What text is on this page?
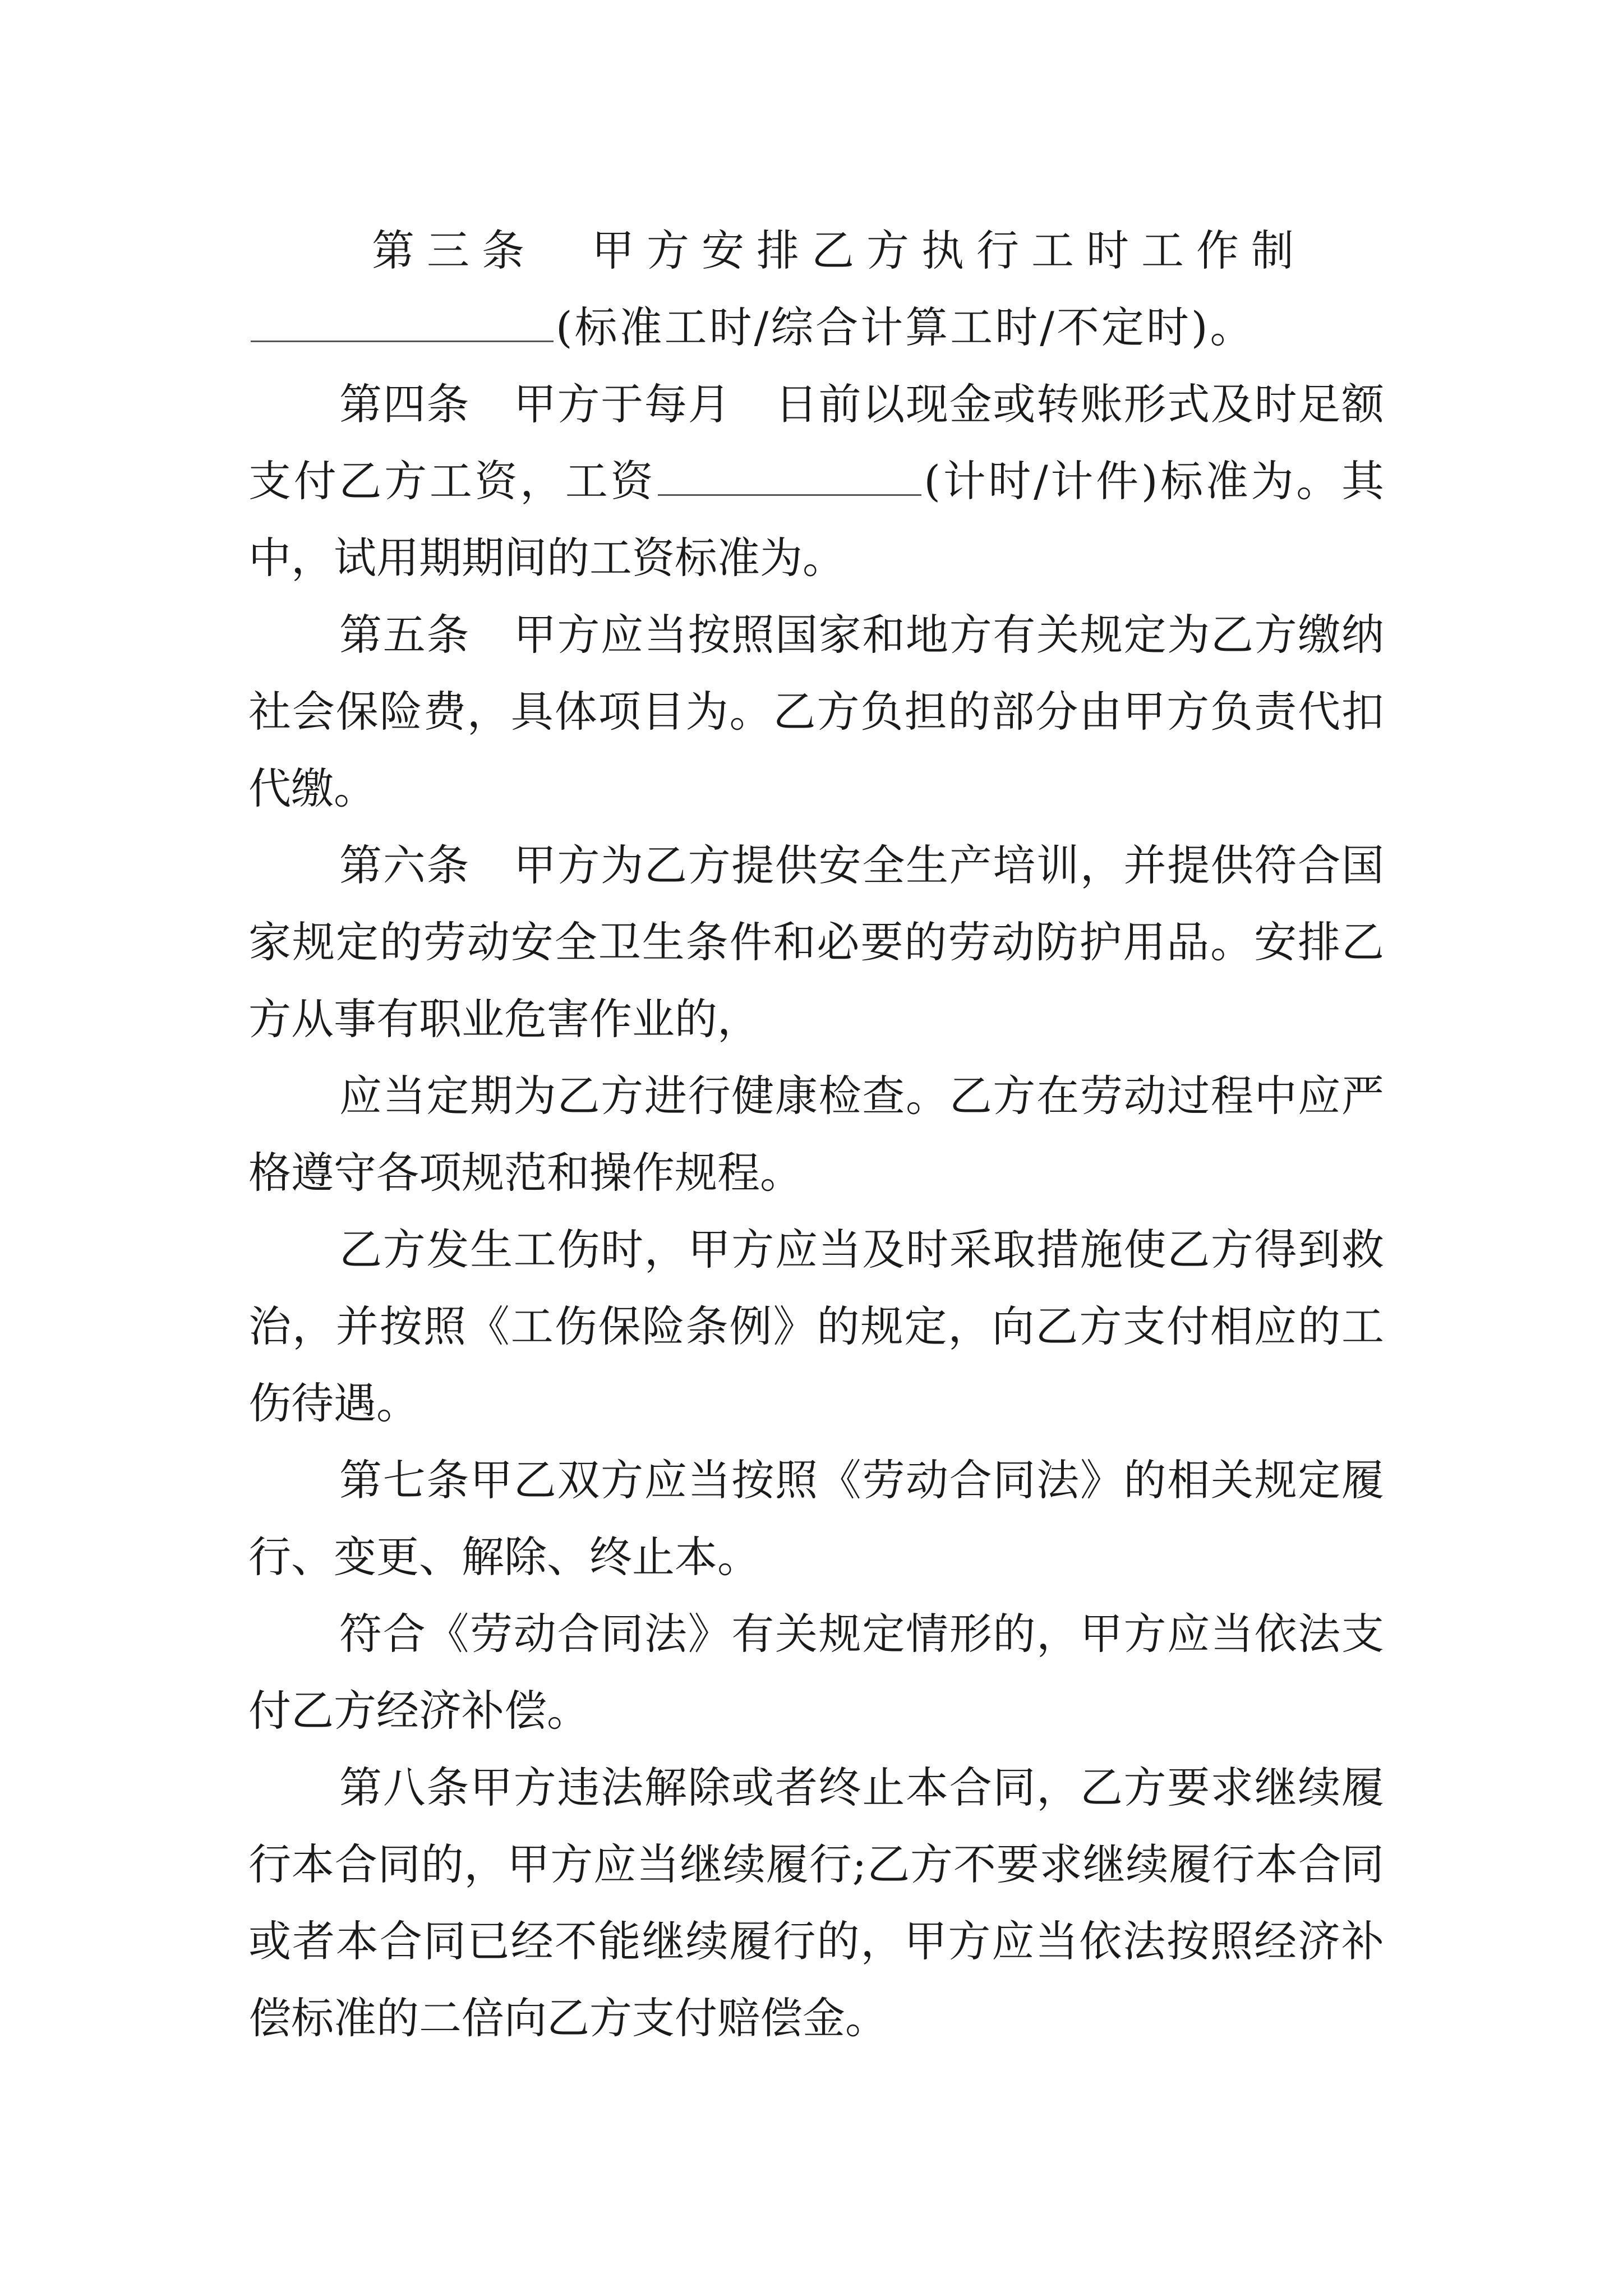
第三条　甲方安排乙方执行工时工作制
(标准工时/综合计算工时/不定时)。

第四条　甲方于每月　日前以现金或转账形式及时足额支付乙方工资，工资	(计时/计件)标准为。其中，试用期期间的工资标准为。

第五条　甲方应当按照国家和地方有关规定为乙方缴纳社会保险费，具体项目为。乙方负担的部分由甲方负责代扣代缴。

第六条　甲方为乙方提供安全生产培训，并提供符合国家规定的劳动安全卫生条件和必要的劳动防护用品。安排乙方从事有职业危害作业的，

应当定期为乙方进行健康检查。乙方在劳动过程中应严格遵守各项规范和操作规程。

乙方发生工伤时，甲方应当及时采取措施使乙方得到救治，并按照《工伤保险条例》的规定，向乙方支付相应的工伤待遇。

第七条甲乙双方应当按照《劳动合同法》的相关规定履行、变更、解除、终止本。

符合《劳动合同法》有关规定情形的，甲方应当依法支付乙方经济补偿。

第八条甲方违法解除或者终止本合同，乙方要求继续履行本合同的，甲方应当继续履行;乙方不要求继续履行本合同或者本合同已经不能继续履行的，甲方应当依法按照经济补偿标准的二倍向乙方支付赔偿金。
